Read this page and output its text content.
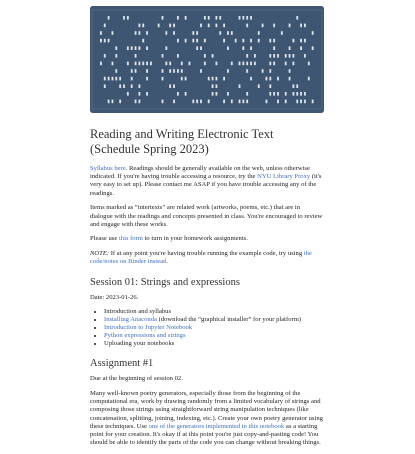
Reading and Writing Electronic Text (Schedule Spring 2023)

Syllabus here. Readings should be generally available on the web, unless otherwise indicated. If you're having trouble accessing a resource, try the NYU Library Proxy (it's very easy to set up). Please contact me ASAP if you have trouble accessing any of the readings.

Items marked as “intertexts” are related work (artworks, poems, etc.) that are in dialogue with the readings and concepts presented in class. You're encouraged to review and engage with these works.

Please use this form to turn in your homework assignments.

NOTE: If at any point you're having trouble running the example code, try using the code/notes on Binder instead.

Session 01: Strings and expressions

Date: 2023-01-26.

• Introduction and syllabus
• Installing Anaconda (download the “graphical installer” for your platform)
• Introduction to Jupyter Notebook
• Python expressions and strings
• Uploading your notebooks
Assignment #1

Due at the beginning of session 02.

Many well-known poetry generators, especially those from the beginning of the computational era, work by drawing randomly from a limited vocabulary of strings and composing those strings using straightforward string manipulation techniques (like concatenation, splitting, joining, indexing, etc.). Create your own poetry generator using these techniques. Use one of the generators implemented in this notebook as a starting point for your creation. It's okay if at this point you're just copy-and-pasting code! You should be able to identify the parts of the code you can change without breaking things.
